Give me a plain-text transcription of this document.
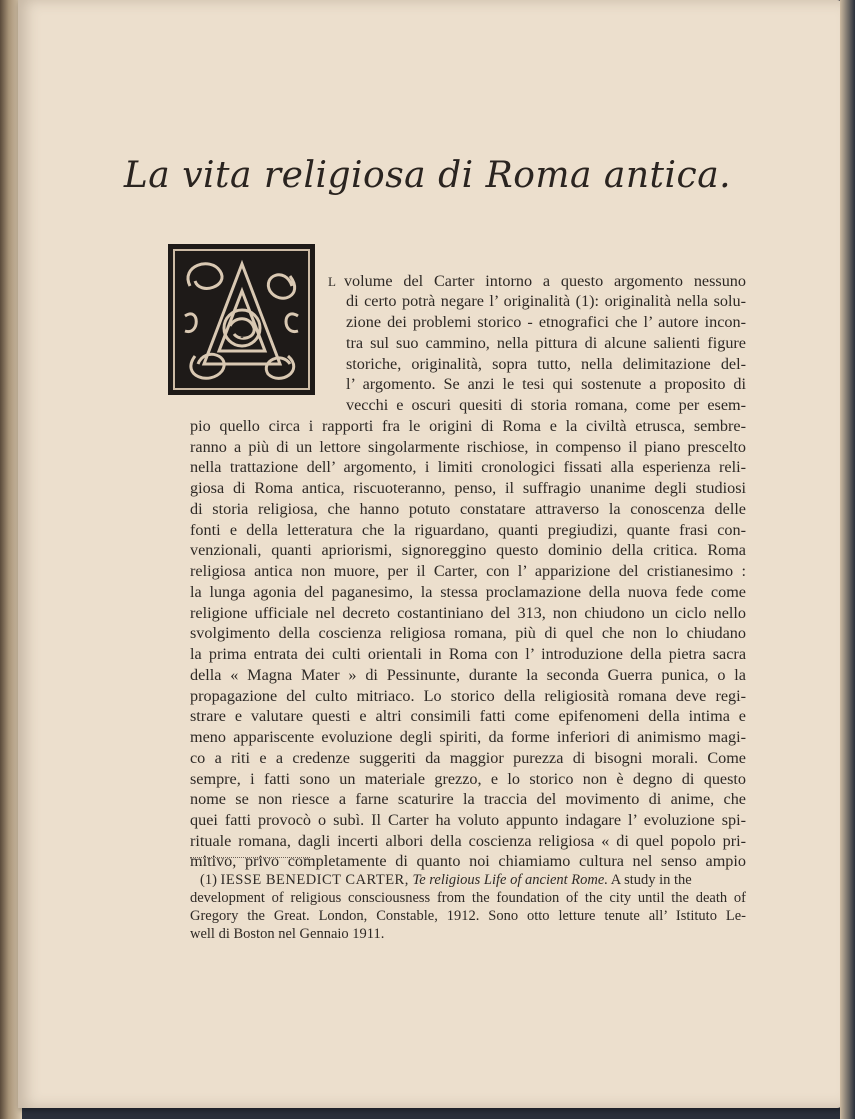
La vita religiosa di Roma antica.
I
L volume del Carter intorno a questo argomento nessuno
di certo potrà negare l’ originalità (1): originalità nella solu-
zione dei problemi storico - etnografici che l’ autore incon-
tra sul suo cammino, nella pittura di alcune salienti figure
storiche, originalità, sopra tutto, nella delimitazione del-
l’ argomento. Se anzi le tesi qui sostenute a proposito di
vecchi e oscuri quesiti di storia romana, come per esem-
pio quello circa i rapporti fra le origini di Roma e la civiltà etrusca, sembre-
ranno a più di un lettore singolarmente rischiose, in compenso il piano prescelto
nella trattazione dell’ argomento, i limiti cronologici fissati alla esperienza reli-
giosa di Roma antica, riscuoteranno, penso, il suffragio unanime degli studiosi
di storia religiosa, che hanno potuto constatare attraverso la conoscenza delle
fonti e della letteratura che la riguardano, quanti pregiudizi, quante frasi con-
venzionali, quanti apriorismi, signoreggino questo dominio della critica. Roma
religiosa antica non muore, per il Carter, con l’ apparizione del cristianesimo :
la lunga agonia del paganesimo, la stessa proclamazione della nuova fede come
religione ufficiale nel decreto costantiniano del 313, non chiudono un ciclo nello
svolgimento della coscienza religiosa romana, più di quel che non lo chiudano
la prima entrata dei culti orientali in Roma con l’ introduzione della pietra sacra
della « Magna Mater » di Pessinunte, durante la seconda Guerra punica, o la
propagazione del culto mitriaco. Lo storico della religiosità romana deve regi-
strare e valutare questi e altri consimili fatti come epifenomeni della intima e
meno appariscente evoluzione degli spiriti, da forme inferiori di animismo magi-
co a riti e a credenze suggeriti da maggior purezza di bisogni morali. Come
sempre, i fatti sono un materiale grezzo, e lo storico non è degno di questo
nome se non riesce a farne scaturire la traccia del movimento di anime, che
quei fatti provocò o subì. Il Carter ha voluto appunto indagare l’ evoluzione spi-
rituale romana, dagli incerti albori della coscienza religiosa « di quel popolo pri-
mitivo, privo completamente di quanto noi chiamiamo cultura nel senso ampio
(1) IESSE BENEDICT CARTER, Te religious Life of ancient Rome. A study in the
development of religious consciousness from the foundation of the city until the death of
Gregory the Great. London, Constable, 1912. Sono otto letture tenute all’ Istituto Le-
well di Boston nel Gennaio 1911.
